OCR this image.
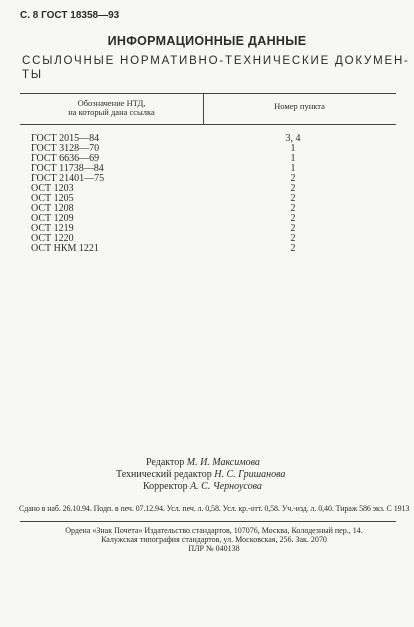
С. 8 ГОСТ 18358—93
ИНФОРМАЦИОННЫЕ ДАННЫЕ
ССЫЛОЧНЫЕ НОРМАТИВНО-ТЕХНИЧЕСКИЕ ДОКУМЕН-
ТЫ
Обозначение НТД,
на который дана ссылка
Номер пункта
ГОСТ 2015—84	3, 4
ГОСТ 3128—70	1
ГОСТ 6636—69	1
ГОСТ 11738—84	1
ГОСТ 21401—75	2
ОСТ 1203	2
ОСТ 1205	2
ОСТ 1208	2
ОСТ 1209	2
ОСТ 1219	2
ОСТ 1220	2
ОСТ НКМ 1221	2
Редактор М. И. Максимова
Технический редактор Н. С. Гришанова
Корректор А. С. Черноусова
Сдано в наб. 26.10.94. Подп. в печ. 07.12.94. Усл. печ. л. 0,58. Усл. кр.-отт. 0,58. Уч.-изд. л. 0,40. Тираж 586 экз. С 1913
Ордена «Знак Почета» Издательство стандартов, 107076, Москва, Колодезный пер., 14.
Калужская типография стандартов, ул. Московская, 256. Зак. 2070
ПЛР № 040138
